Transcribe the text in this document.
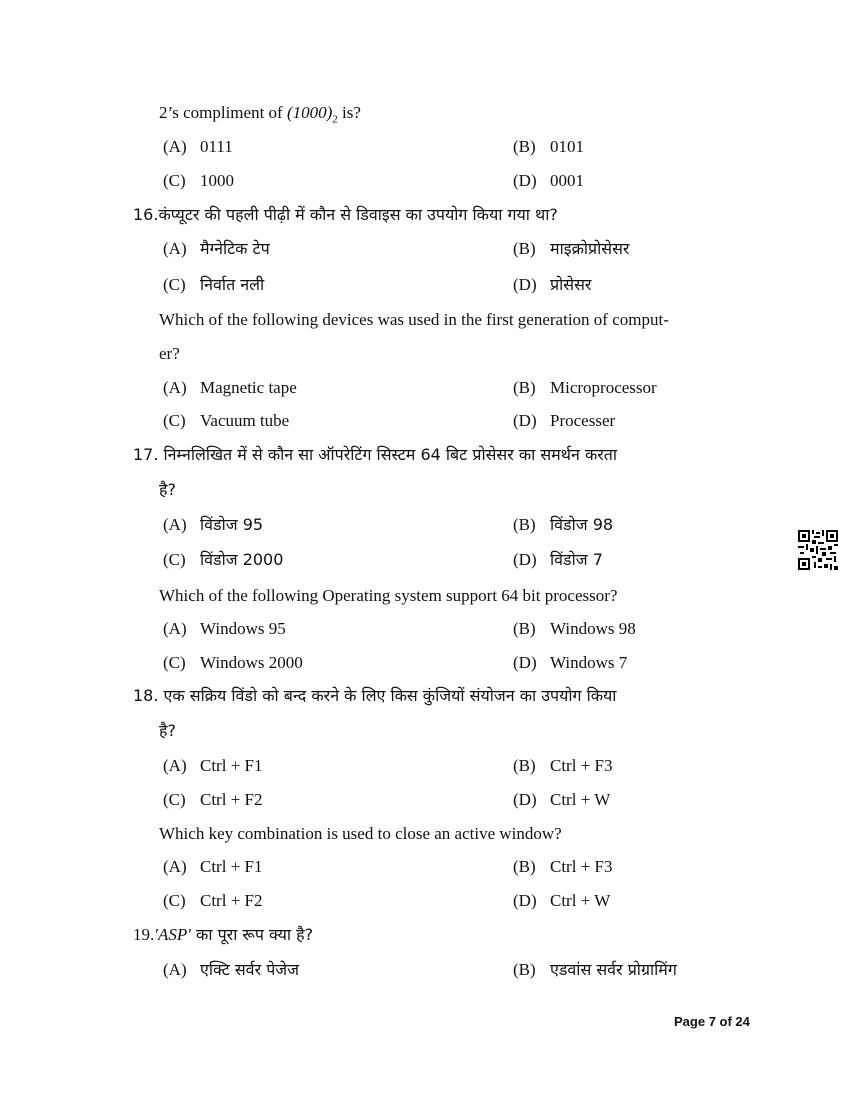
2’s compliment of $(1000)_2$ is?
(A) 0111	(B) 0101
(C) 1000	(D) 0001
16.कंप्यूटर की पहली पीढ़ी में कौन से डिवाइस का उपयोग किया गया था?
(A) मैग्नेटिक टेप	(B) माइक्रोप्रोसेसर
(C) निर्वात नली	(D) प्रोसेसर
Which of the following devices was used in the first generation of comput-
er?
(A) Magnetic tape	(B) Microprocessor
(C) Vacuum tube	(D) Processer
17. निम्नलिखित में से कौन सा ऑपरेटिंग सिस्टम 64 बिट प्रोसेसर का समर्थन करता
है?
(A) विंडोज 95	(B) विंडोज 98
(C) विंडोज 2000	(D) विंडोज 7
Which of the following Operating system support 64 bit processor?
(A) Windows 95	(B) Windows 98
(C) Windows 2000	(D) Windows 7
18. एक सक्रिय विंडो को बन्द करने के लिए किस कुंजियों संयोजन का उपयोग किया
है?
(A) Ctrl + F1	(B) Ctrl + F3
(C) Ctrl + F2	(D) Ctrl + W
Which key combination is used to close an active window?
(A) Ctrl + F1	(B) Ctrl + F3
(C) Ctrl + F2	(D) Ctrl + W
19.′ASP′ का पूरा रूप क्या है?
(A) एक्टि सर्वर पेजेज	(B) एडवांस सर्वर प्रोग्रामिंग
Page 7 of 24
